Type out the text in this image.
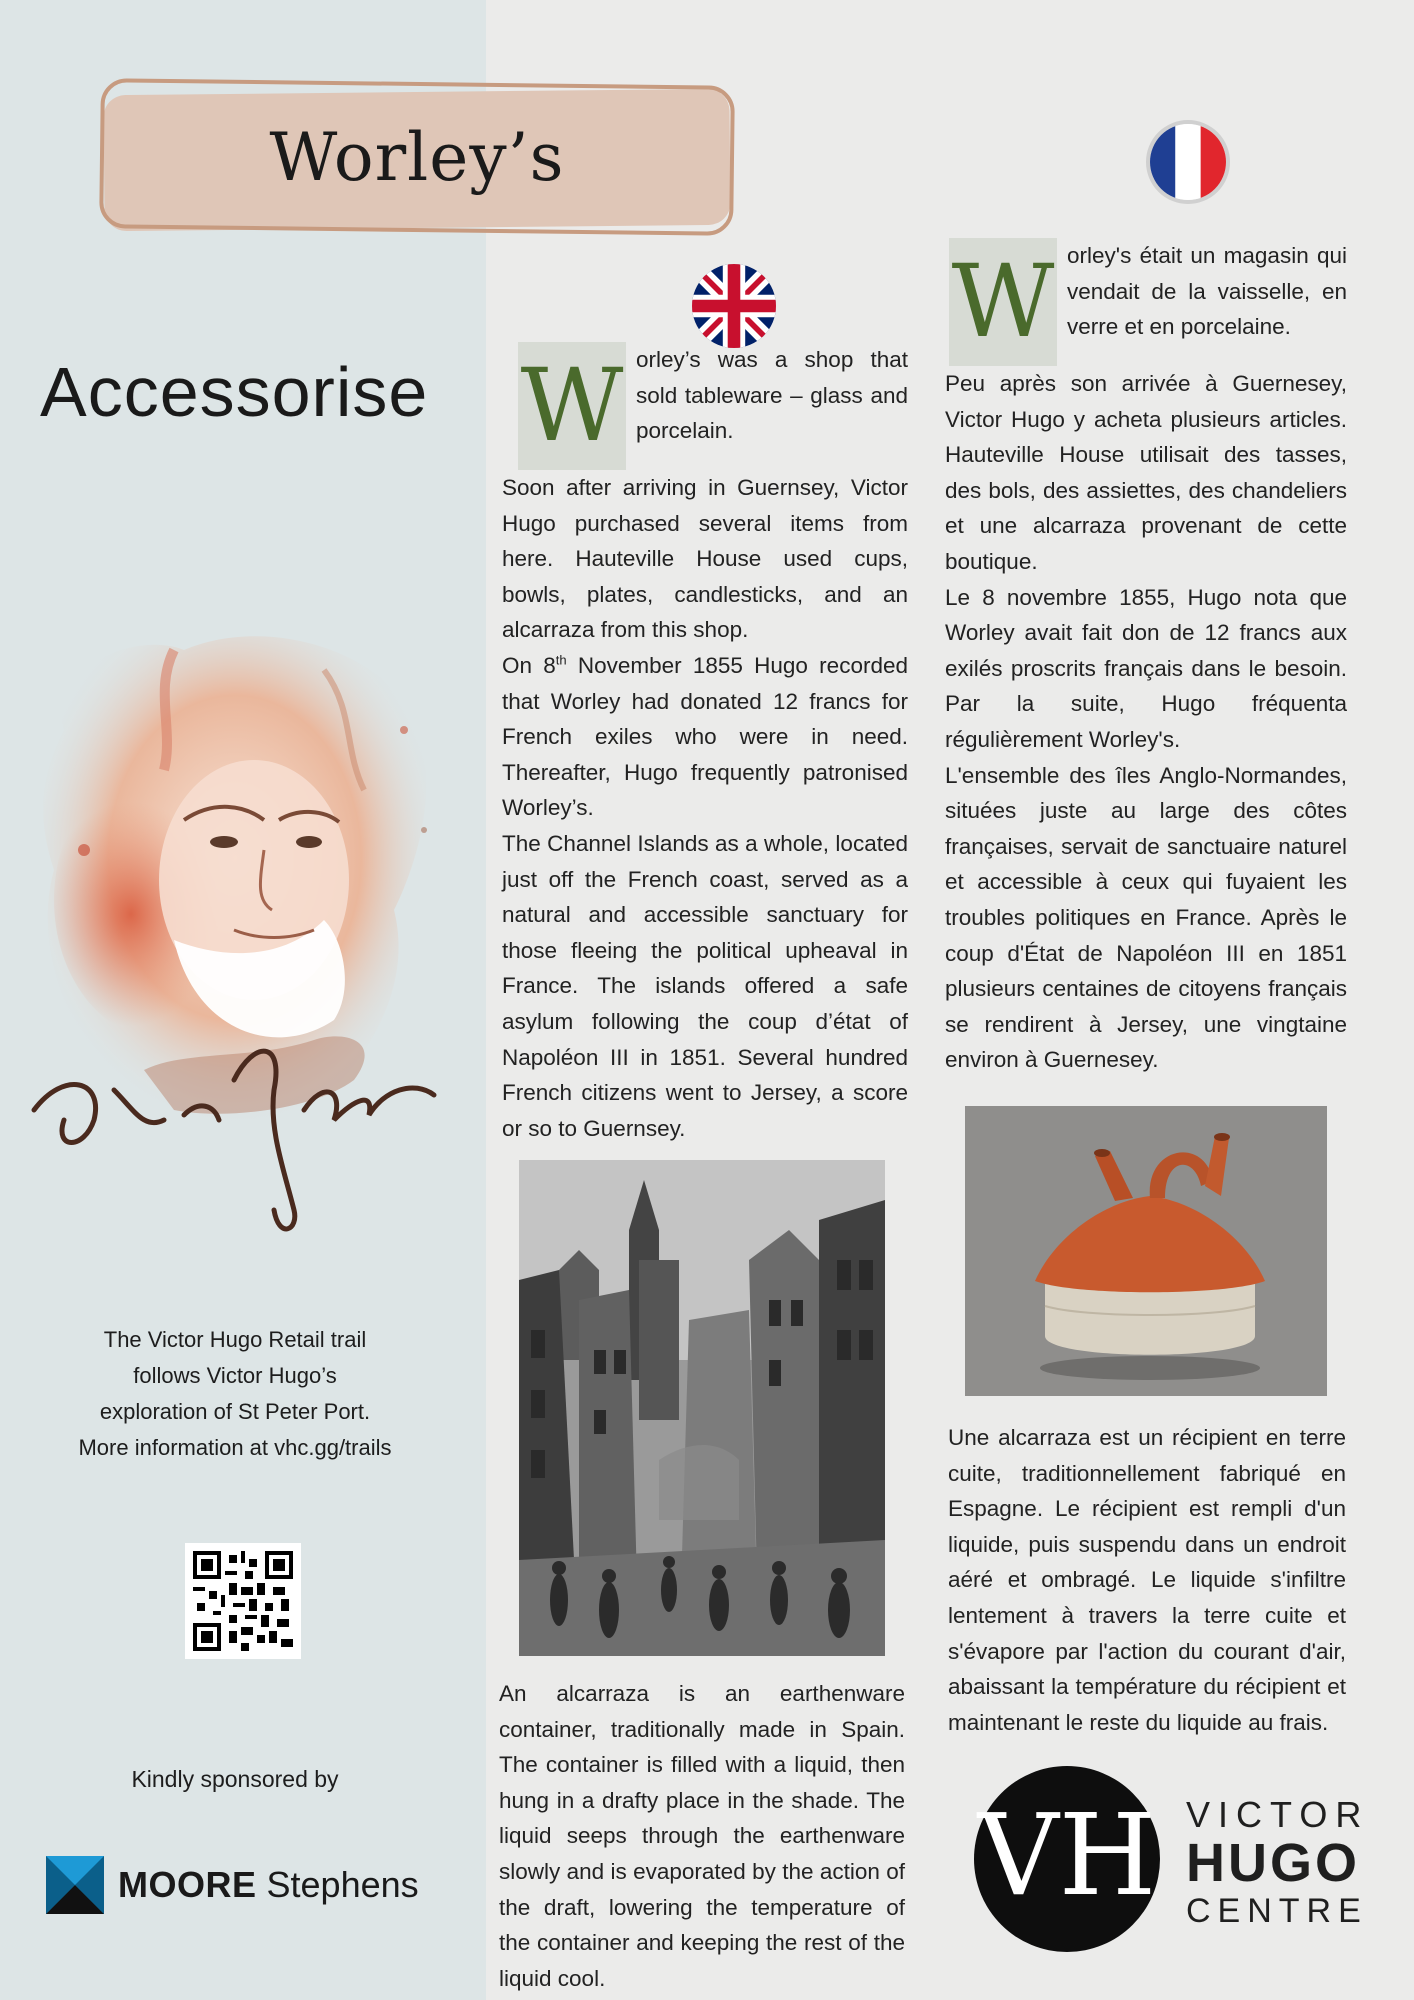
Worley’s
Accessorise
The Victor Hugo Retail trail
follows Victor Hugo’s
exploration of St Peter Port.
More information at vhc.gg/trails
Kindly sponsored by
MOORE Stephens
W orley’s was a shop that sold tableware – glass and porcelain.

Soon after arriving in Guernsey, Victor Hugo purchased several items from here. Hauteville House used cups, bowls, plates, candlesticks, and an alcarraza from this shop.

On 8th November 1855 Hugo recorded that Worley had donated 12 francs for French exiles who were in need. Thereafter, Hugo frequently patronised Worley’s.

The Channel Islands as a whole, located just off the French coast, served as a natural and accessible sanctuary for those fleeing the political upheaval in France. The islands offered a safe asylum following the coup d’état of Napoléon III in 1851. Several hundred French citizens went to Jersey, a score or so to Guernsey.

W orley's était un magasin qui vendait de la vaisselle, en verre et en porcelaine.

Peu après son arrivée à Guernesey, Victor Hugo y acheta plusieurs articles. Hauteville House utilisait des tasses, des bols, des assiettes, des chandeliers et une alcarraza provenant de cette boutique.

Le 8 novembre 1855, Hugo nota que Worley avait fait don de 12 francs aux exilés proscrits français dans le besoin. Par la suite, Hugo fréquenta régulièrement Worley's.

L'ensemble des îles Anglo-Normandes, situées juste au large des côtes françaises, servait de sanctuaire naturel et accessible à ceux qui fuyaient les troubles politiques en France. Après le coup d'État de Napoléon III en 1851 plusieurs centaines de citoyens français se rendirent à Jersey, une vingtaine environ à Guernesey.

An alcarraza is an earthenware container, traditionally made in Spain. The container is filled with a liquid, then hung in a drafty place in the shade. The liquid seeps through the earthenware slowly and is evaporated by the action of the draft, lowering the temperature of the container and keeping the rest of the liquid cool.
Une alcarraza est un récipient en terre cuite, traditionnellement fabriqué en Espagne. Le récipient est rempli d'un liquide, puis suspendu dans un endroit aéré et ombragé. Le liquide s'infiltre lentement à travers la terre cuite et s'évapore par l'action du courant d'air, abaissant la température du récipient et maintenant le reste du liquide au frais.
VH VICTOR
HUGO
CENTRE
